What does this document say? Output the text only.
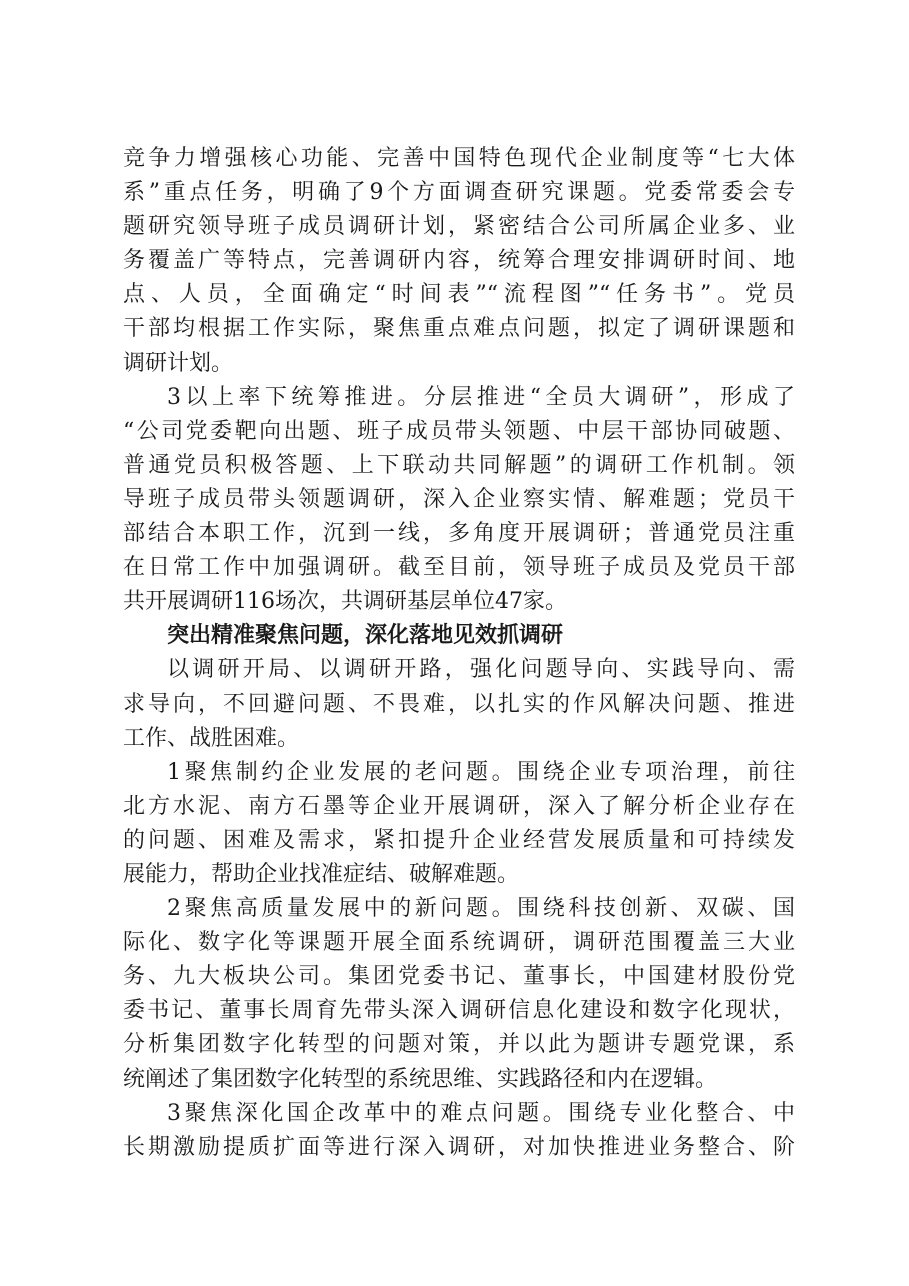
竞争力增强核心功能、完善中国特色现代企业制度等“七大体
系”重点任务，明确了9个方面调查研究课题。党委常委会专
题研究领导班子成员调研计划，紧密结合公司所属企业多、业
务覆盖广等特点，完善调研内容，统筹合理安排调研时间、地
点、人员，全面确定“时间表”“流程图”“任务书”。党员
干部均根据工作实际，聚焦重点难点问题，拟定了调研课题和
调研计划。
3以上率下统筹推进。分层推进“全员大调研”，形成了
“公司党委靶向出题、班子成员带头领题、中层干部协同破题、
普通党员积极答题、上下联动共同解题”的调研工作机制。领
导班子成员带头领题调研，深入企业察实情、解难题；党员干
部结合本职工作，沉到一线，多角度开展调研；普通党员注重
在日常工作中加强调研。截至目前，领导班子成员及党员干部
共开展调研116场次，共调研基层单位47家。
突出精准聚焦问题，深化落地见效抓调研
以调研开局、以调研开路，强化问题导向、实践导向、需
求导向，不回避问题、不畏难，以扎实的作风解决问题、推进
工作、战胜困难。
1聚焦制约企业发展的老问题。围绕企业专项治理，前往
北方水泥、南方石墨等企业开展调研，深入了解分析企业存在
的问题、困难及需求，紧扣提升企业经营发展质量和可持续发
展能力，帮助企业找准症结、破解难题。
2聚焦高质量发展中的新问题。围绕科技创新、双碳、国
际化、数字化等课题开展全面系统调研，调研范围覆盖三大业
务、九大板块公司。集团党委书记、董事长，中国建材股份党
委书记、董事长周育先带头深入调研信息化建设和数字化现状，
分析集团数字化转型的问题对策，并以此为题讲专题党课，系
统阐述了集团数字化转型的系统思维、实践路径和内在逻辑。
3聚焦深化国企改革中的难点问题。围绕专业化整合、中
长期激励提质扩面等进行深入调研，对加快推进业务整合、阶
